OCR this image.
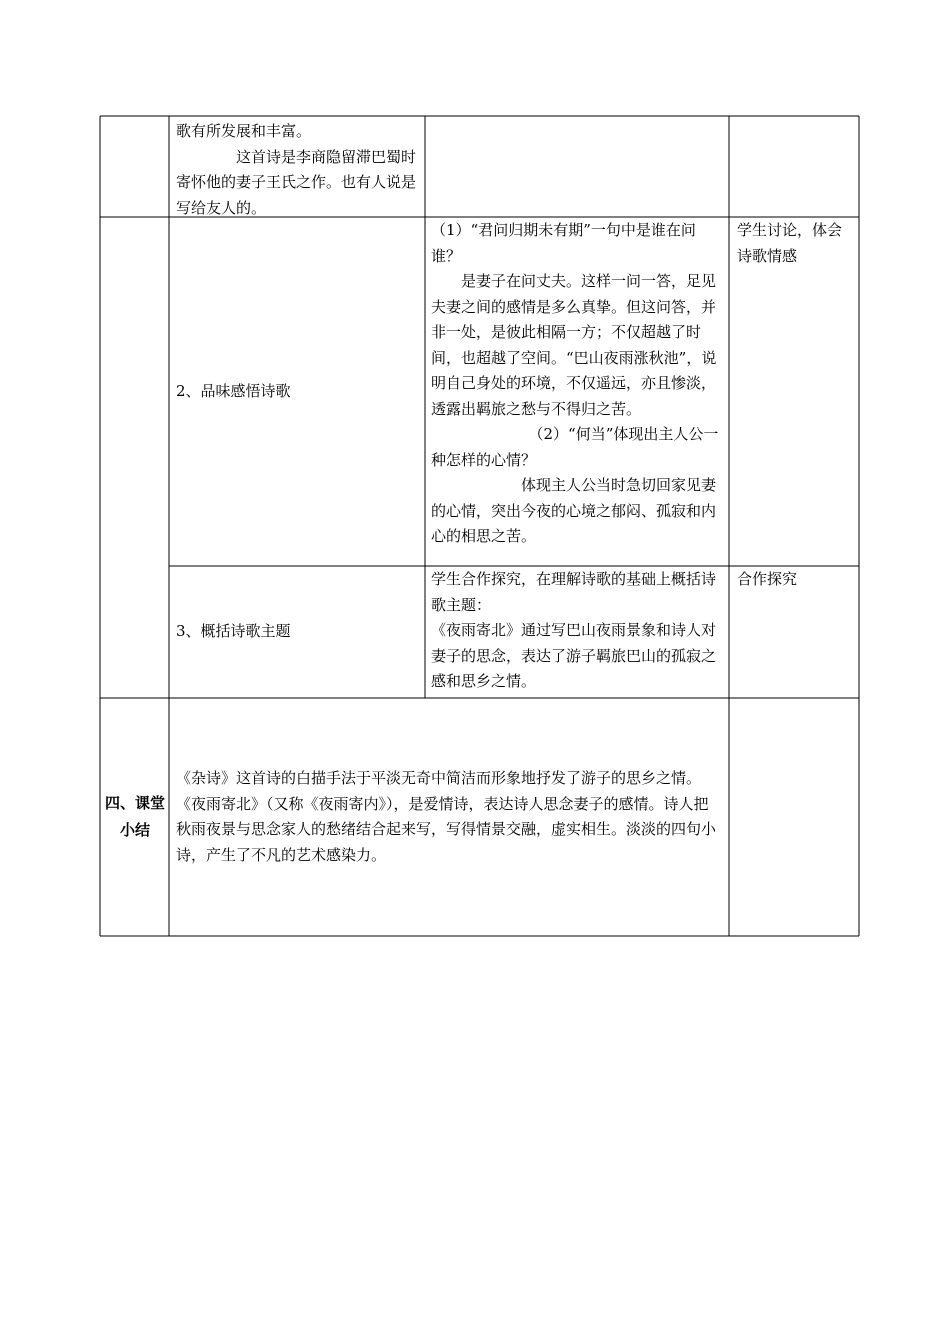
歌有所发展和丰富。

　　　　这首诗是李商隐留滞巴蜀时寄怀他的妻子王氏之作。也有人说是写给友人的。

2、品味感悟诗歌

（1）“君问归期未有期”一句中是谁在问谁？

　　是妻子在问丈夫。这样一问一答，足见夫妻之间的感情是多么真挚。但这问答，并非一处，是彼此相隔一方；不仅超越了时间，也超越了空间。“巴山夜雨涨秋池”，说明自己身处的环境，不仅遥远，亦且惨淡，透露出羁旅之愁与不得归之苦。

　　　　　　　（2）“何当”体现出主人公一种怎样的心情？

　　　　　　体现主人公当时急切回家见妻的心情，突出今夜的心境之郁闷、孤寂和内心的相思之苦。

学生讨论，体会诗歌情感

3、概括诗歌主题

学生合作探究，在理解诗歌的基础上概括诗歌主题：

《夜雨寄北》通过写巴山夜雨景象和诗人对妻子的思念，表达了游子羁旅巴山的孤寂之感和思乡之情。

合作探究

四、课堂小结

《杂诗》这首诗的白描手法于平淡无奇中简洁而形象地抒发了游子的思乡之情。《夜雨寄北》（又称《夜雨寄内》），是爱情诗，表达诗人思念妻子的感情。诗人把秋雨夜景与思念家人的愁绪结合起来写，写得情景交融，虚实相生。淡淡的四句小诗，产生了不凡的艺术感染力。
